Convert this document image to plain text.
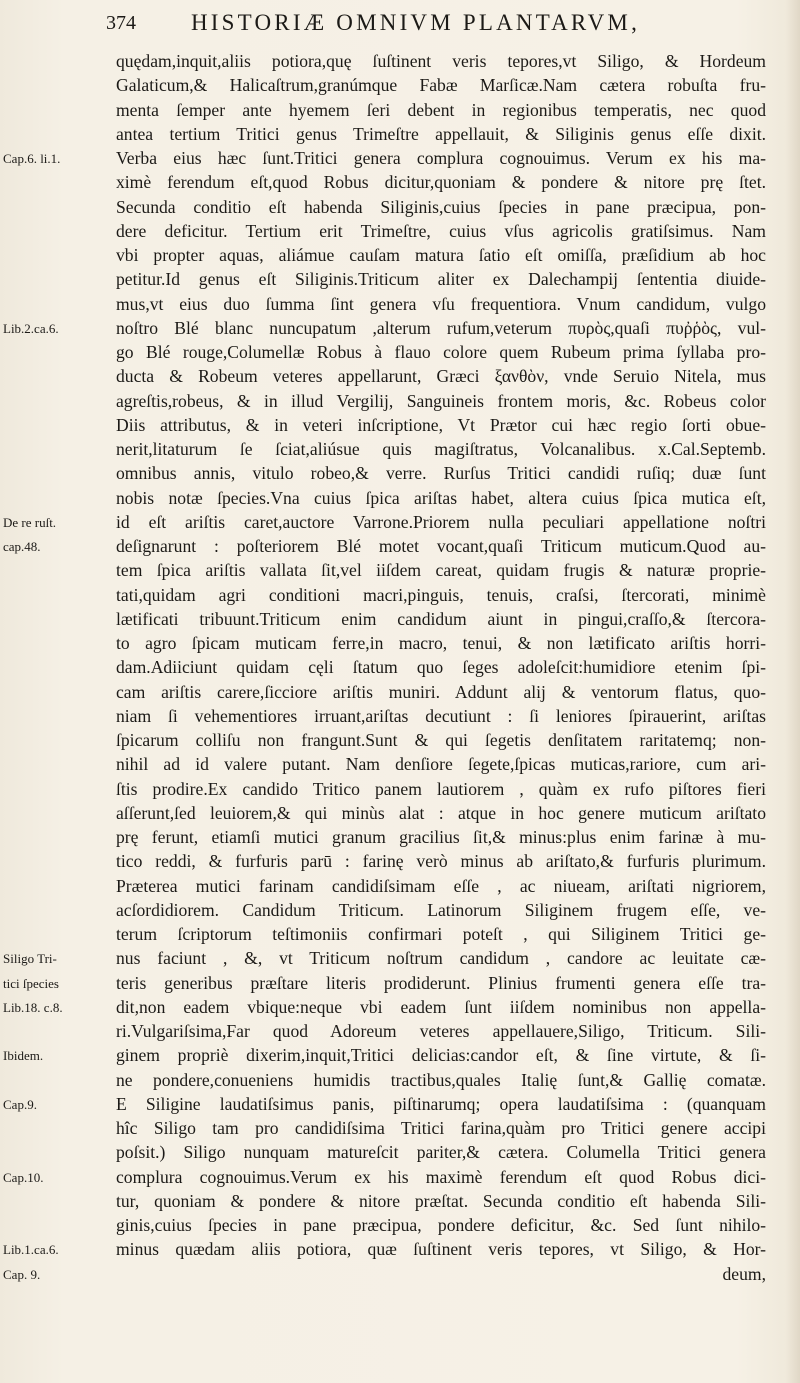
374 HISTORIÆ OMNIVM PLANTARVM,
Cap.6. li.1.
Lib.2.ca.6.
De re ruſt.
cap.48.
Siligo Tri-
tici ſpecies
Lib.18. c.8.
Ibidem.
Cap.9.
Cap.10.
Lib.1.ca.6.
Cap. 9.
quędam,inquit,aliis potiora,quę ſuſtinent veris tepores,vt Siligo, & Hordeum
Galaticum,& Halicaſtrum,granúmque Fabæ Marſicæ.Nam cætera robuſta fru-
menta ſemper ante hyemem ſeri debent in regionibus temperatis, nec quod
antea tertium Tritici genus Trimeſtre appellauit, & Siliginis genus eſſe dixit.
Verba eius hæc ſunt.Tritici genera complura cognouimus. Verum ex his ma-
ximè ferendum eſt,quod Robus dicitur,quoniam & pondere & nitore prę ſtet.
Secunda conditio eſt habenda Siliginis,cuius ſpecies in pane præcipua, pon-
dere deficitur. Tertium erit Trimeſtre, cuius vſus agricolis gratiſsimus. Nam
vbi propter aquas, aliámue cauſam matura ſatio eſt omiſſa, præſidium ab hoc
petitur.Id genus eſt Siliginis.Triticum aliter ex Dalechampij ſententia diuide-
mus,vt eius duo ſumma ſint genera vſu frequentiora. Vnum candidum, vulgo
noſtro Blé blanc nuncupatum ,alterum rufum,veterum πυρὸς,quaſi πυῤῥὸς, vul-
go Blé rouge,Columellæ Robus à flauo colore quem Rubeum prima ſyllaba pro-
ducta & Robeum veteres appellarunt, Græci ξανθὸν, vnde Seruio Nitela, mus
agreſtis,robeus, & in illud Vergilij, Sanguineis frontem moris, &c. Robeus color
Diis attributus, & in veteri inſcriptione, Vt Prætor cui hæc regio ſorti obue-
nerit,litaturum ſe ſciat,aliúsue quis magiſtratus, Volcanalibus. x.Cal.Septemb.
omnibus annis, vitulo robeo,& verre. Rurſus Tritici candidi ruſiq; duæ ſunt
nobis notæ ſpecies.Vna cuius ſpica ariſtas habet, altera cuius ſpica mutica eſt,
id eſt ariſtis caret,auctore Varrone.Priorem nulla peculiari appellatione noſtri
deſignarunt : poſteriorem Blé motet vocant,quaſi Triticum muticum.Quod au-
tem ſpica ariſtis vallata ſit,vel iiſdem careat, quidam frugis & naturæ proprie-
tati,quidam agri conditioni macri,pinguis, tenuis, craſsi, ſtercorati, minimè
lætificati tribuunt.Triticum enim candidum aiunt in pingui,craſſo,& ſtercora-
to agro ſpicam muticam ferre,in macro, tenui, & non lætificato ariſtis horri-
dam.Adiiciunt quidam cęli ſtatum quo ſeges adoleſcit:humidiore etenim ſpi-
cam ariſtis carere,ſicciore ariſtis muniri. Addunt alij & ventorum flatus, quo-
niam ſi vehementiores irruant,ariſtas decutiunt : ſi leniores ſpirauerint, ariſtas
ſpicarum colliſu non frangunt.Sunt & qui ſegetis denſitatem raritatemq; non-
nihil ad id valere putant. Nam denſiore ſegete,ſpicas muticas,rariore, cum ari-
ſtis prodire.Ex candido Tritico panem lautiorem , quàm ex rufo piſtores fieri
aſſerunt,ſed leuiorem,& qui minùs alat : atque in hoc genere muticum ariſtato
prę ferunt, etiamſi mutici granum gracilius ſit,& minus:plus enim farinæ à mu-
tico reddi, & furfuris parū : farinę verò minus ab ariſtato,& furfuris plurimum.
Præterea mutici farinam candidiſsimam eſſe , ac niueam, ariſtati nigriorem,
acſordidiorem. Candidum Triticum. Latinorum Siliginem frugem eſſe, ve-
terum ſcriptorum teſtimoniis confirmari poteſt , qui Siliginem Tritici ge-
nus faciunt , &, vt Triticum noſtrum candidum , candore ac leuitate cæ-
teris generibus præſtare literis prodiderunt. Plinius frumenti genera eſſe tra-
dit,non eadem vbique:neque vbi eadem ſunt iiſdem nominibus non appella-
ri.Vulgariſsima,Far quod Adoreum veteres appellauere,Siligo, Triticum. Sili-
ginem propriè dixerim,inquit,Tritici delicias:candor eſt, & ſine virtute, & ſi-
ne pondere,conueniens humidis tractibus,quales Italię ſunt,& Gallię comatæ.
E Siligine laudatiſsimus panis, piſtinarumq; opera laudatiſsima : (quanquam
hîc Siligo tam pro candidiſsima Tritici farina,quàm pro Tritici genere accipi
poſsit.) Siligo nunquam matureſcit pariter,& cætera. Columella Tritici genera
complura cognouimus.Verum ex his maximè ferendum eſt quod Robus dici-
tur, quoniam & pondere & nitore præſtat. Secunda conditio eſt habenda Sili-
ginis,cuius ſpecies in pane præcipua, pondere deficitur, &c. Sed ſunt nihilo-
minus quædam aliis potiora, quæ ſuſtinent veris tepores, vt Siligo, & Hor-
deum,
